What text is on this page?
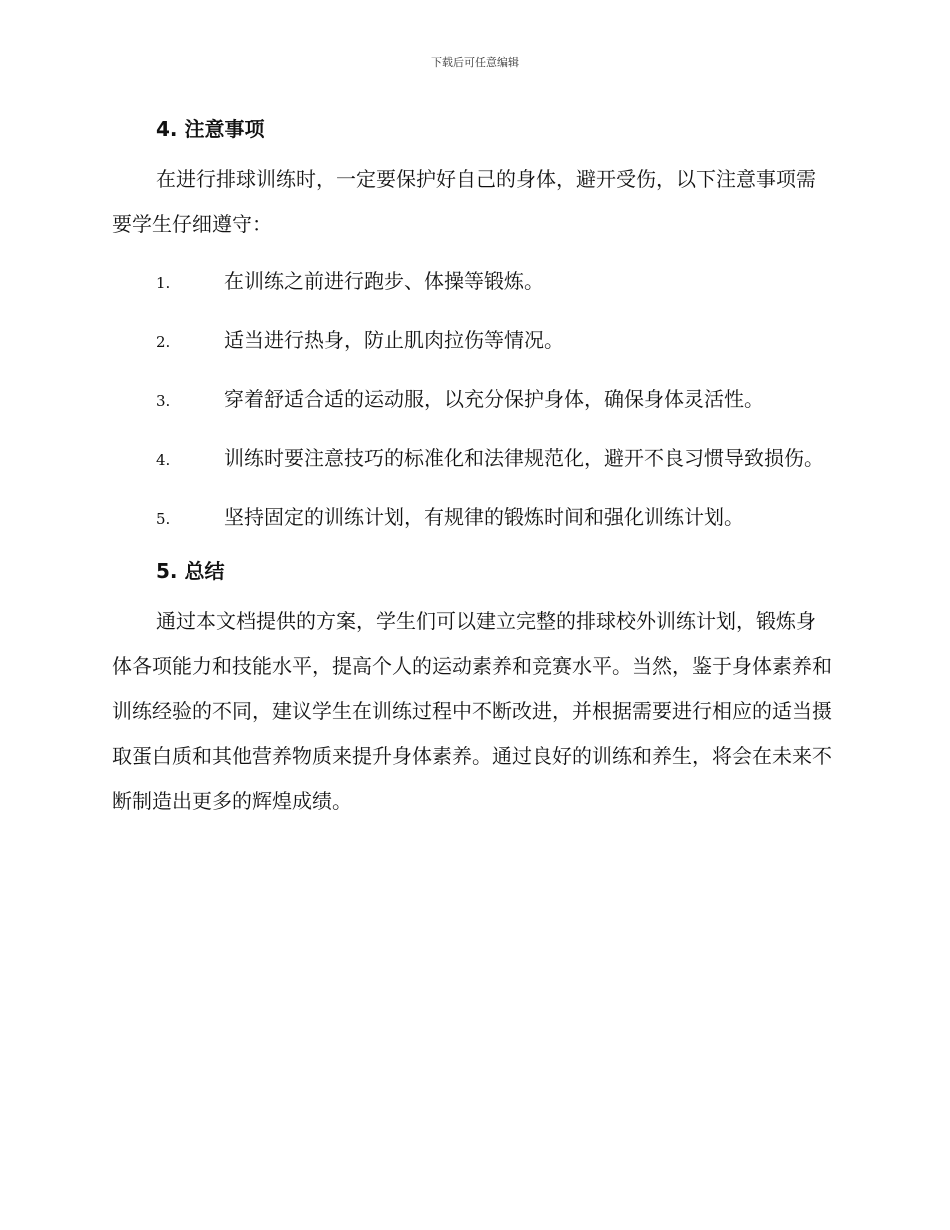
下载后可任意编辑
4. 注意事项

在进行排球训练时，一定要保护好自己的身体，避开受伤，以下注意事项需要学生仔细遵守：

1.	在训练之前进行跑步、体操等锻炼。
2.	适当进行热身，防止肌肉拉伤等情况。
3.	穿着舒适合适的运动服，以充分保护身体，确保身体灵活性。
4.	训练时要注意技巧的标准化和法律规范化，避开不良习惯导致损伤。
5.	坚持固定的训练计划，有规律的锻炼时间和强化训练计划。
5. 总结

通过本文档提供的方案，学生们可以建立完整的排球校外训练计划，锻炼身体各项能力和技能水平，提高个人的运动素养和竞赛水平。当然，鉴于身体素养和训练经验的不同，建议学生在训练过程中不断改进，并根据需要进行相应的适当摄取蛋白质和其他营养物质来提升身体素养。通过良好的训练和养生，将会在未来不断制造出更多的辉煌成绩。
